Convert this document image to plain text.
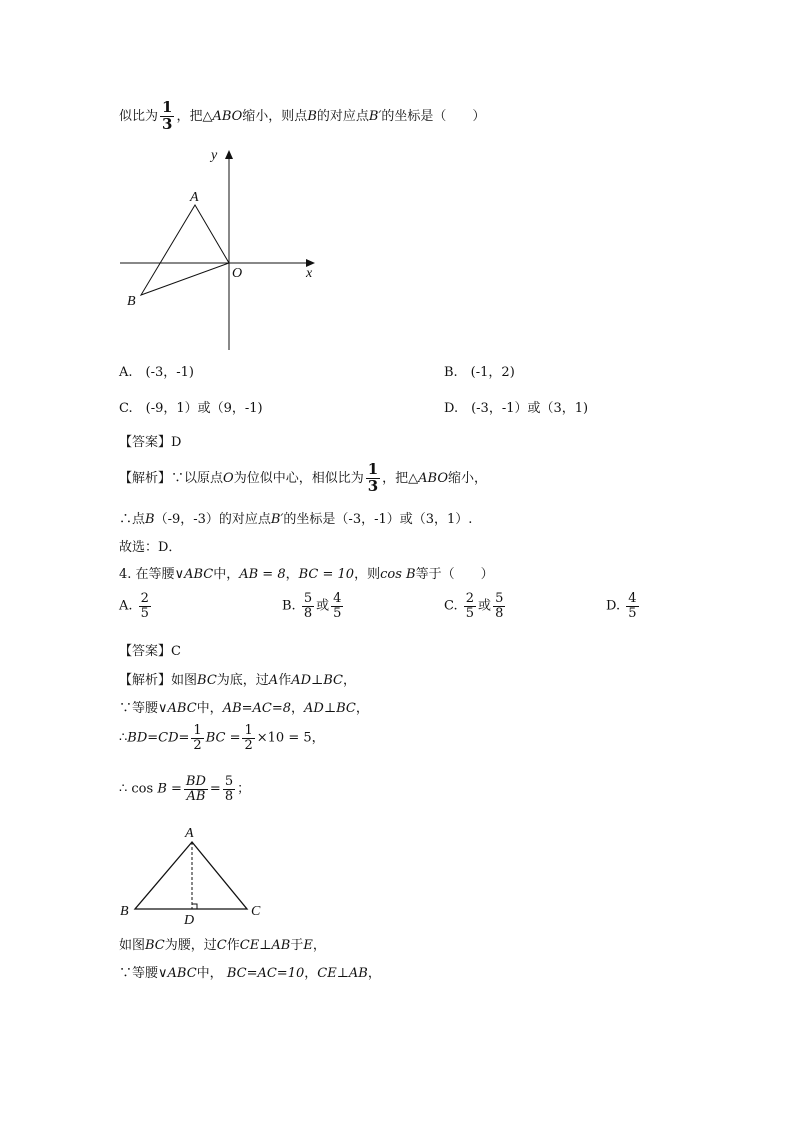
似比为 $\frac{1}{3}$ ，把△ABO缩小，则点B的对应点B′的坐标是（　　）
y
x
A
O
B
A.　(-3，-1)	B.　(-1，2)
C.　(-9，1）或（9，-1)	D.　(-3，-1）或（3，1)
【答案】D
【解析】∵以原点O为位似中心，相似比为 $\frac{1}{3}$ ，把△ABO缩小，
∴点B（-9，-3）的对应点B′的坐标是（-3，-1）或（3，1）.
故选：D．
4. 在等腰∨ABC中，AB = 8，BC = 10，则cos B等于（　　）
A. $\frac{2}{5}$	B. $\frac{5}{8}$ 或 $\frac{4}{5}$	C. $\frac{2}{5}$ 或 $\frac{5}{8}$	D. $\frac{4}{5}$
【答案】C
【解析】如图BC为底，过A作AD⊥BC，
∵等腰∨ABC中，AB=AC=8，AD⊥BC，
∴BD=CD= $\frac{1}{2}$ BC = $\frac{1}{2} \times 10 = 5$，
∴ $\cos B = \frac{BD}{AB} = \frac{5}{8}$ ；
A
B	C
D
如图BC为腰，过C作CE⊥AB于E，
∵等腰∨ABC中， BC=AC=10，CE⊥AB，
